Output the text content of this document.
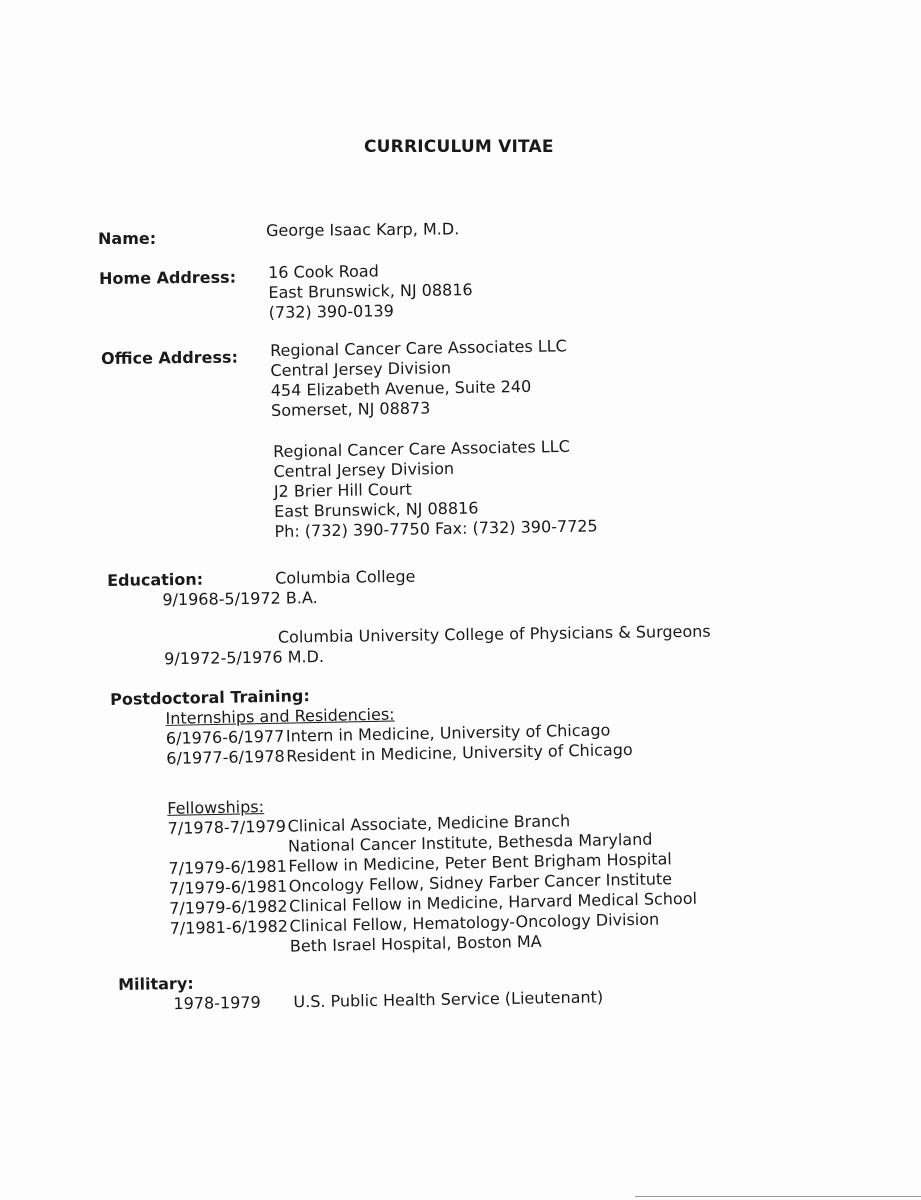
CURRICULUM VITAE
Name:	George Isaac Karp, M.D.
Home Address: 16 Cook Road
East Brunswick, NJ 08816
(732) 390-0139
Office Address: Regional Cancer Care Associates LLC
Central Jersey Division
454 Elizabeth Avenue, Suite 240
Somerset, NJ 08873
Regional Cancer Care Associates LLC
Central Jersey Division
J2 Brier Hill Court
East Brunswick, NJ 08816
Ph: (732) 390-7750 Fax: (732) 390-7725
Education:	Columbia College
9/1968-5/1972 B.A.
Columbia University College of Physicians & Surgeons
9/1972-5/1976 M.D.
Postdoctoral Training:
Internships and Residencies:
6/1976-6/1977 Intern in Medicine, University of Chicago
6/1977-6/1978 Resident in Medicine, University of Chicago
Fellowships:
7/1978-7/1979 Clinical Associate, Medicine Branch
National Cancer Institute, Bethesda Maryland
7/1979-6/1981 Fellow in Medicine, Peter Bent Brigham Hospital
7/1979-6/1981 Oncology Fellow, Sidney Farber Cancer Institute
7/1979-6/1982 Clinical Fellow in Medicine, Harvard Medical School
7/1981-6/1982 Clinical Fellow, Hematology-Oncology Division
Beth Israel Hospital, Boston MA
Military:
1978-1979	U.S. Public Health Service (Lieutenant)
